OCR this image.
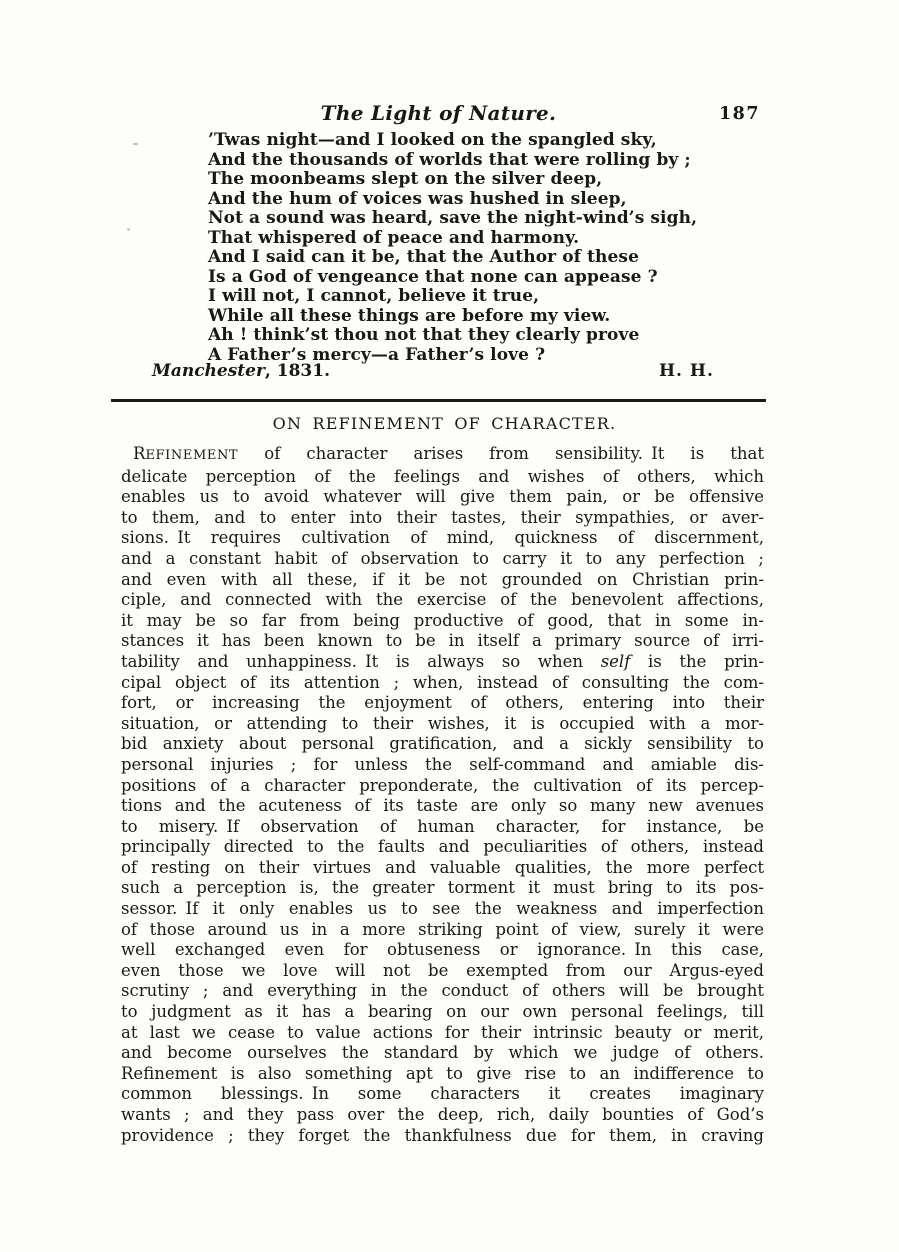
The Light of Nature.	187
’Twas night—and I looked on the spangled sky,
And the thousands of worlds that were rolling by ;
The moonbeams slept on the silver deep,
And the hum of voices was hushed in sleep,
Not a sound was heard, save the night-wind’s sigh,
That whispered of peace and harmony.
And I said can it be, that the Author of these
Is a God of vengeance that none can appease ?
I will not, I cannot, believe it true,
While all these things are before my view.
Ah ! think’st thou not that they clearly prove
A Father’s mercy—a Father’s love ?
Manchester, 1831.	H. H.
ON REFINEMENT OF CHARACTER.
REFINEMENT of character arises from sensibility. It is that
delicate perception of the feelings and wishes of others, which
enables us to avoid whatever will give them pain, or be offensive
to them, and to enter into their tastes, their sympathies, or aver-
sions. It requires cultivation of mind, quickness of discernment,
and a constant habit of observation to carry it to any perfection ;
and even with all these, if it be not grounded on Christian prin-
ciple, and connected with the exercise of the benevolent affections,
it may be so far from being productive of good, that in some in-
stances it has been known to be in itself a primary source of irri-
tability and unhappiness. It is always so when self is the prin-
cipal object of its attention ; when, instead of consulting the com-
fort, or increasing the enjoyment of others, entering into their
situation, or attending to their wishes, it is occupied with a mor-
bid anxiety about personal gratification, and a sickly sensibility to
personal injuries ; for unless the self-command and amiable dis-
positions of a character preponderate, the cultivation of its percep-
tions and the acuteness of its taste are only so many new avenues
to misery. If observation of human character, for instance, be
principally directed to the faults and peculiarities of others, instead
of resting on their virtues and valuable qualities, the more perfect
such a perception is, the greater torment it must bring to its pos-
sessor. If it only enables us to see the weakness and imperfection
of those around us in a more striking point of view, surely it were
well exchanged even for obtuseness or ignorance. In this case,
even those we love will not be exempted from our Argus-eyed
scrutiny ; and everything in the conduct of others will be brought
to judgment as it has a bearing on our own personal feelings, till
at last we cease to value actions for their intrinsic beauty or merit,
and become ourselves the standard by which we judge of others.
Refinement is also something apt to give rise to an indifference to
common blessings. In some characters it creates imaginary
wants ; and they pass over the deep, rich, daily bounties of God’s
providence ; they forget the thankfulness due for them, in craving
